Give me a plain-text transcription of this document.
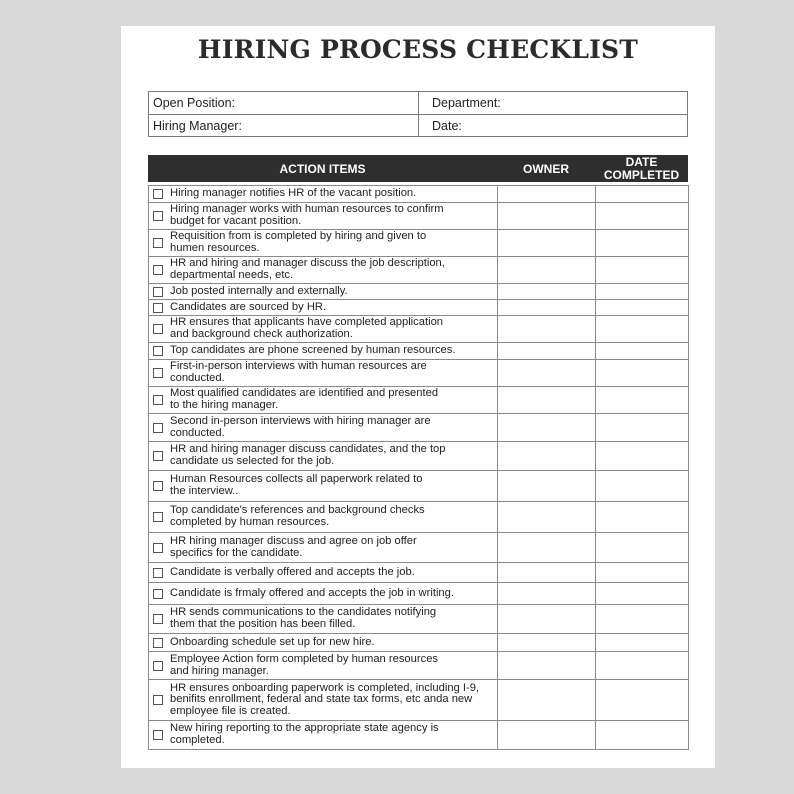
HIRING PROCESS CHECKLIST
Open Position:	Department:
Hiring Manager:	Date:
ACTION ITEMS	OWNER	DATE
COMPLETED
Hiring manager notifies HR of the vacant position.		

Hiring manager works with human resources to confirm
budget for vacant position.		

Requisition from is completed by hiring and given to
humen resources.		

HR and hiring and manager discuss the job description,
departmental needs, etc.		

Job posted internally and externally.		

Candidates are sourced by HR.		

HR ensures that applicants have completed application
and background check authorization.		

Top candidates are phone screened by human resources.		

First-in-person interviews with human resources are
conducted.		

Most qualified candidates are identified and presented
to the hiring manager.		

Second in-person interviews with hiring manager are
conducted.		

HR and hiring manager discuss candidates, and the top
candidate us selected for the job.		

Human Resources collects all paperwork related to
the interview..		

Top candidate's references and background checks
completed by human resources.		

HR hiring manager discuss and agree on job offer
specifics for the candidate.		

Candidate is verbally offered and accepts the job.		

Candidate is frmaly offered and accepts the job in writing.		

HR sends communications to the candidates notifying
them that the position has been filled.		

Onboarding schedule set up for new hire.		

Employee Action form completed by human resources
and hiring manager.		

HR ensures onboarding paperwork is completed, including I-9,
benifits enrollment, federal and state tax forms, etc anda new
employee file is created.		

New hiring reporting to the appropriate state agency is
completed.		
